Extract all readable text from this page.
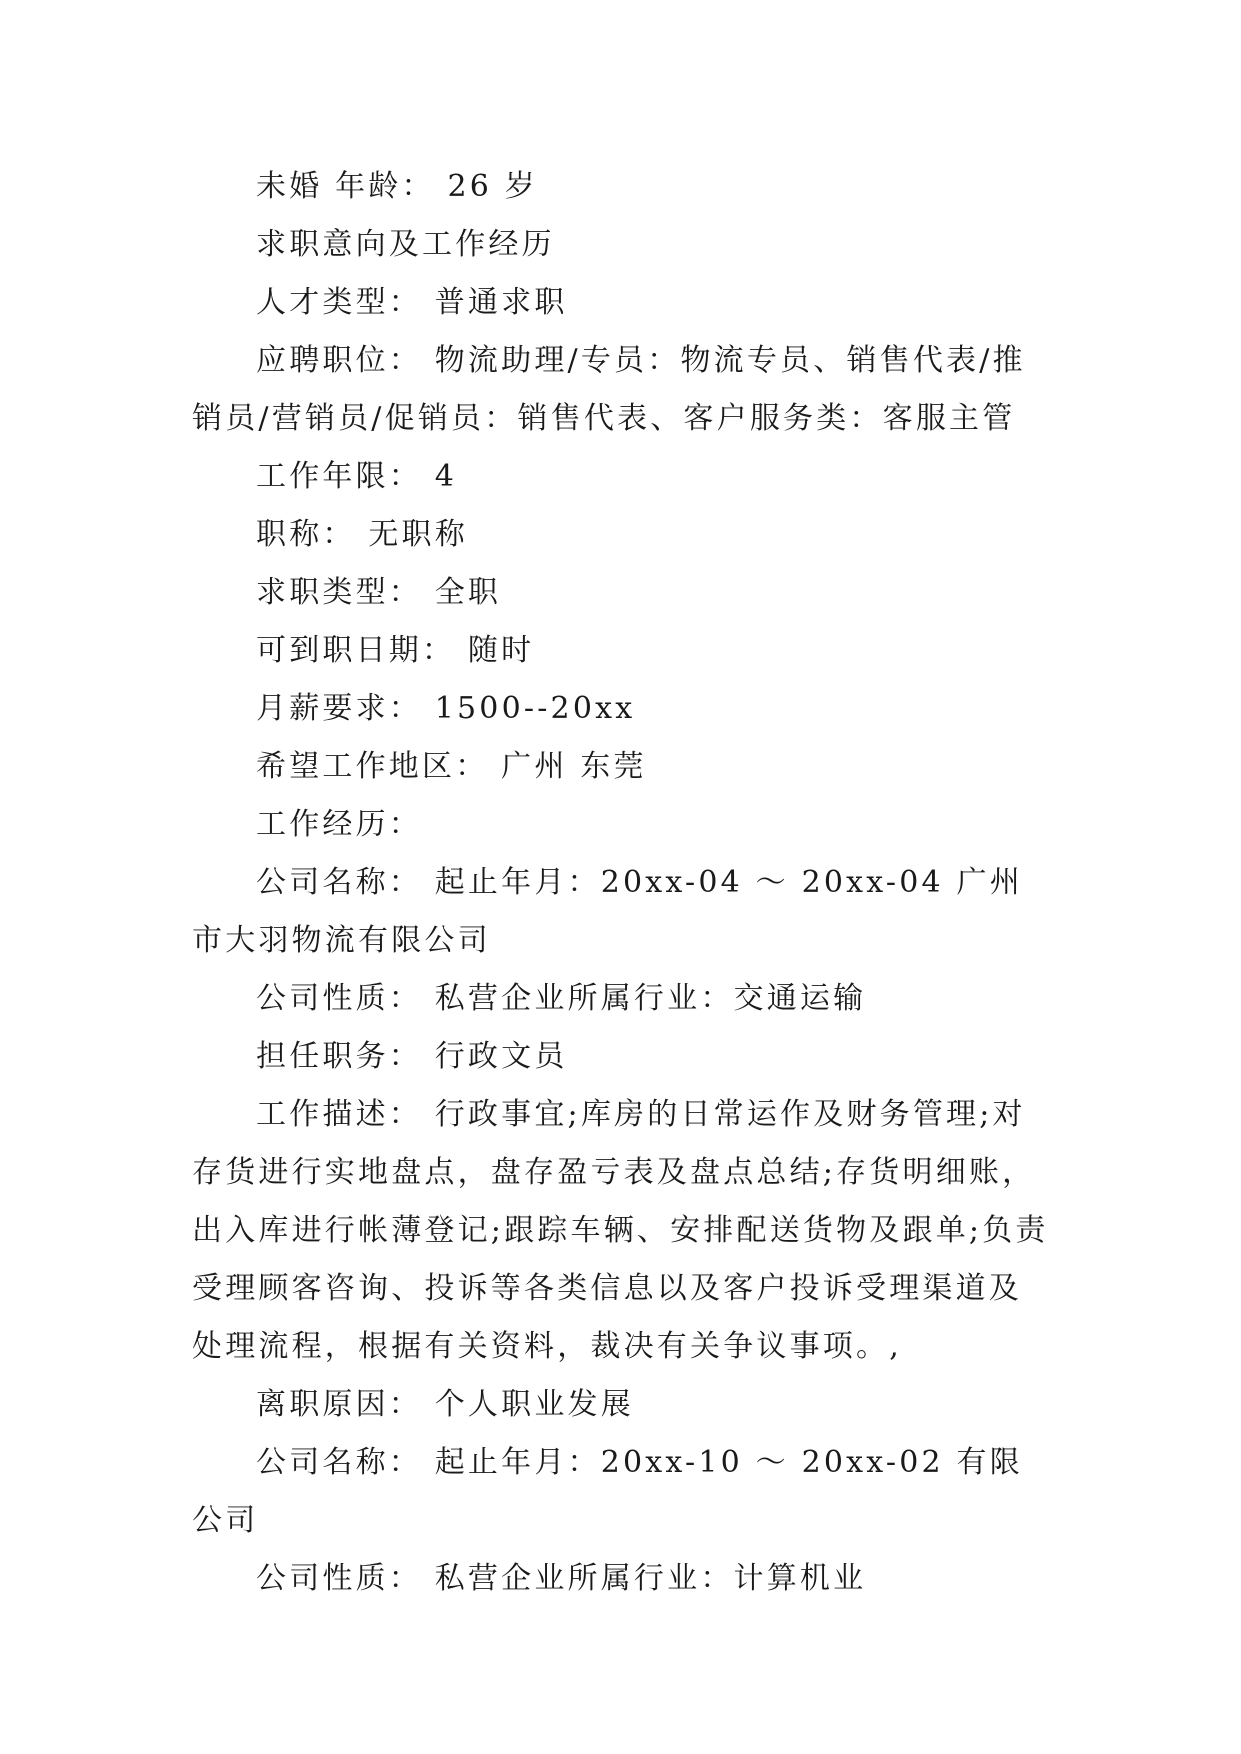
未婚 年龄： 26 岁

求职意向及工作经历

人才类型： 普通求职

应聘职位： 物流助理/专员：物流专员、销售代表/推销员/营销员/促销员：销售代表、客户服务类：客服主管

工作年限： 4

职称： 无职称

求职类型： 全职

可到职日期： 随时

月薪要求： 1500--20xx

希望工作地区： 广州 东莞

工作经历：

公司名称： 起止年月：20xx-04 ～ 20xx-04 广州市大羽物流有限公司

公司性质： 私营企业所属行业：交通运输

担任职务： 行政文员

工作描述： 行政事宜;库房的日常运作及财务管理;对存货进行实地盘点，盘存盈亏表及盘点总结;存货明细账，出入库进行帐薄登记;跟踪车辆、安排配送货物及跟单;负责受理顾客咨询、投诉等各类信息以及客户投诉受理渠道及处理流程，根据有关资料，裁决有关争议事项。,

离职原因： 个人职业发展

公司名称： 起止年月：20xx-10 ～ 20xx-02 有限公司

公司性质： 私营企业所属行业：计算机业
